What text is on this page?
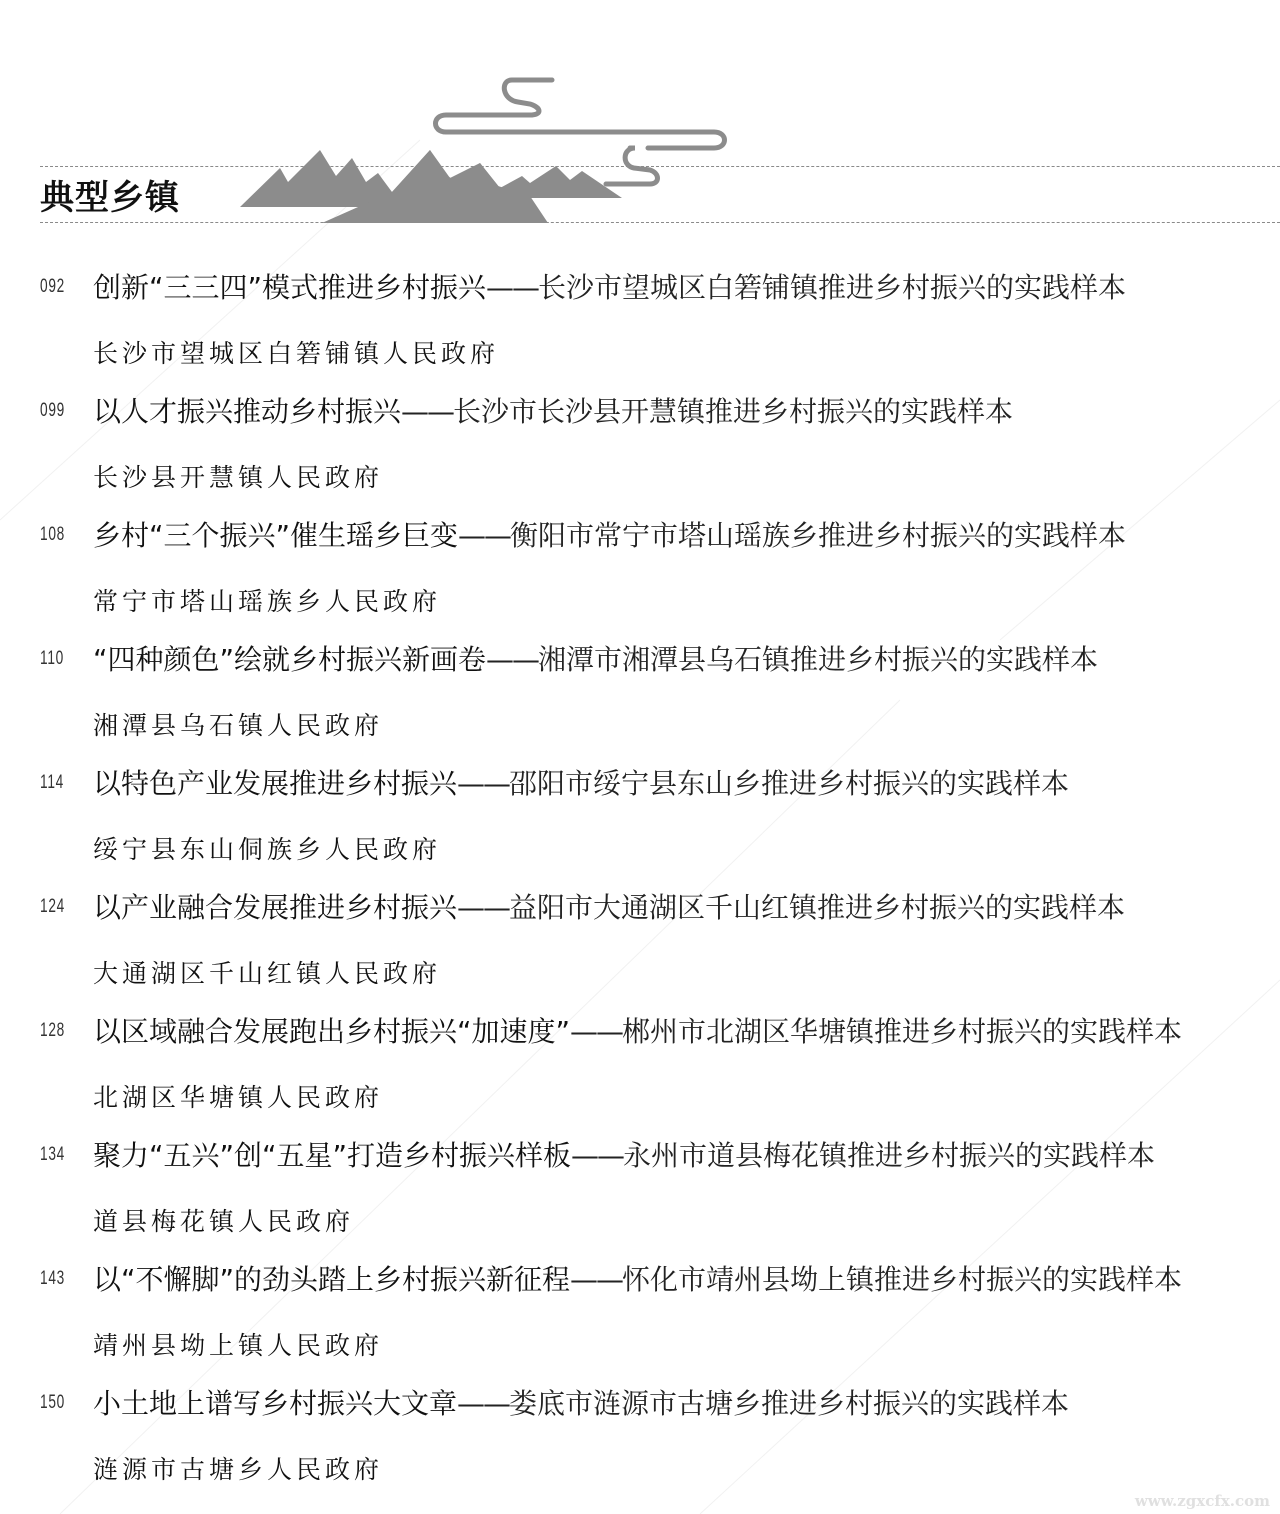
典型乡镇
092 创新“三三四”模式推进乡村振兴——长沙市望城区白箬铺镇推进乡村振兴的实践样本
长沙市望城区白箬铺镇人民政府
099 以人才振兴推动乡村振兴——长沙市长沙县开慧镇推进乡村振兴的实践样本
长沙县开慧镇人民政府
108 乡村“三个振兴”催生瑶乡巨变——衡阳市常宁市塔山瑶族乡推进乡村振兴的实践样本
常宁市塔山瑶族乡人民政府
110 “四种颜色”绘就乡村振兴新画卷——湘潭市湘潭县乌石镇推进乡村振兴的实践样本
湘潭县乌石镇人民政府
114 以特色产业发展推进乡村振兴——邵阳市绥宁县东山乡推进乡村振兴的实践样本
绥宁县东山侗族乡人民政府
124 以产业融合发展推进乡村振兴——益阳市大通湖区千山红镇推进乡村振兴的实践样本
大通湖区千山红镇人民政府
128 以区域融合发展跑出乡村振兴“加速度”——郴州市北湖区华塘镇推进乡村振兴的实践样本
北湖区华塘镇人民政府
134 聚力“五兴”创“五星”打造乡村振兴样板——永州市道县梅花镇推进乡村振兴的实践样本
道县梅花镇人民政府
143 以“不懈脚”的劲头踏上乡村振兴新征程——怀化市靖州县坳上镇推进乡村振兴的实践样本
靖州县坳上镇人民政府
150 小土地上谱写乡村振兴大文章——娄底市涟源市古塘乡推进乡村振兴的实践样本
涟源市古塘乡人民政府
www.zgxcfx.com
